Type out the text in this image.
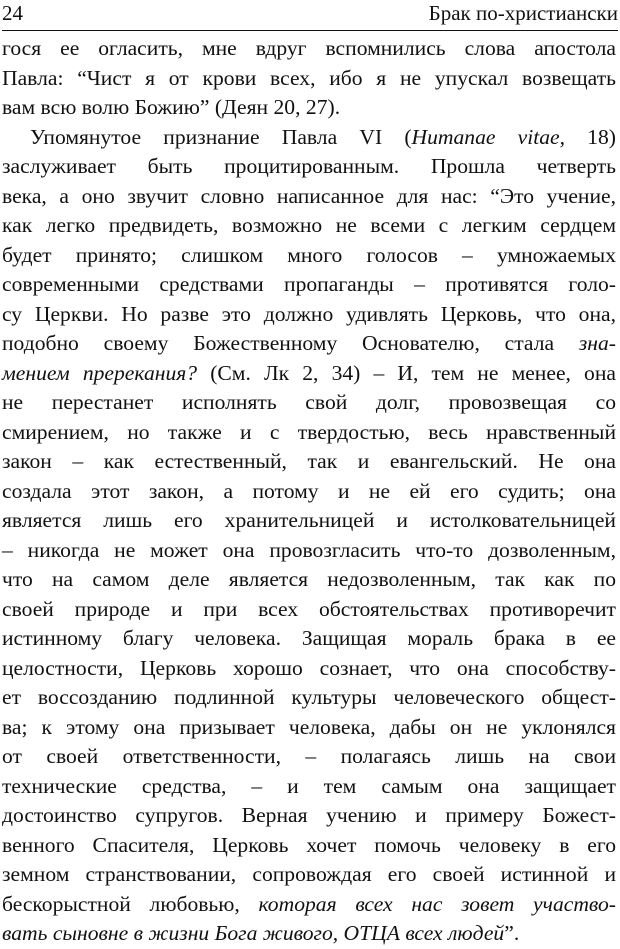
24	Брак по-христиански
гося ее огласить, мне вдруг вспомнились слова апостола
Павла: “Чист я от крови всех, ибо я не упускал возвещать
вам всю волю Божию” (Деян 20, 27).
Упомянутое признание Павла VI (Humanae vitae, 18)
заслуживает быть процитированным. Прошла четверть
века, а оно звучит словно написанное для нас: “Это учение,
как легко предвидеть, возможно не всеми с легким сердцем
будет принято; слишком много голосов – умножаемых
современными средствами пропаганды – противятся голо-
су Церкви. Но разве это должно удивлять Церковь, что она,
подобно своему Божественному Основателю, стала зна-
мением пререкания? (См. Лк 2, 34) – И, тем не менее, она
не перестанет исполнять свой долг, провозвещая со
смирением, но также и с твердостью, весь нравственный
закон – как естественный, так и евангельский. Не она
создала этот закон, а потому и не ей его судить; она
является лишь его хранительницей и истолковательницей
– никогда не может она провозгласить что-то дозволенным,
что на самом деле является недозволенным, так как по
своей природе и при всех обстоятельствах противоречит
истинному благу человека. Защищая мораль брака в ее
целостности, Церковь хорошо сознает, что она способству-
ет воссозданию подлинной культуры человеческого общест-
ва; к этому она призывает человека, дабы он не уклонялся
от своей ответственности, – полагаясь лишь на свои
технические средства, – и тем самым она защищает
достоинство супругов. Верная учению и примеру Божест-
венного Спасителя, Церковь хочет помочь человеку в его
земном странствовании, сопровождая его своей истинной и
бескорыстной любовью, которая всех нас зовет участво-
вать сыновне в жизни Бога живого, ОТЦА всех людей”.
